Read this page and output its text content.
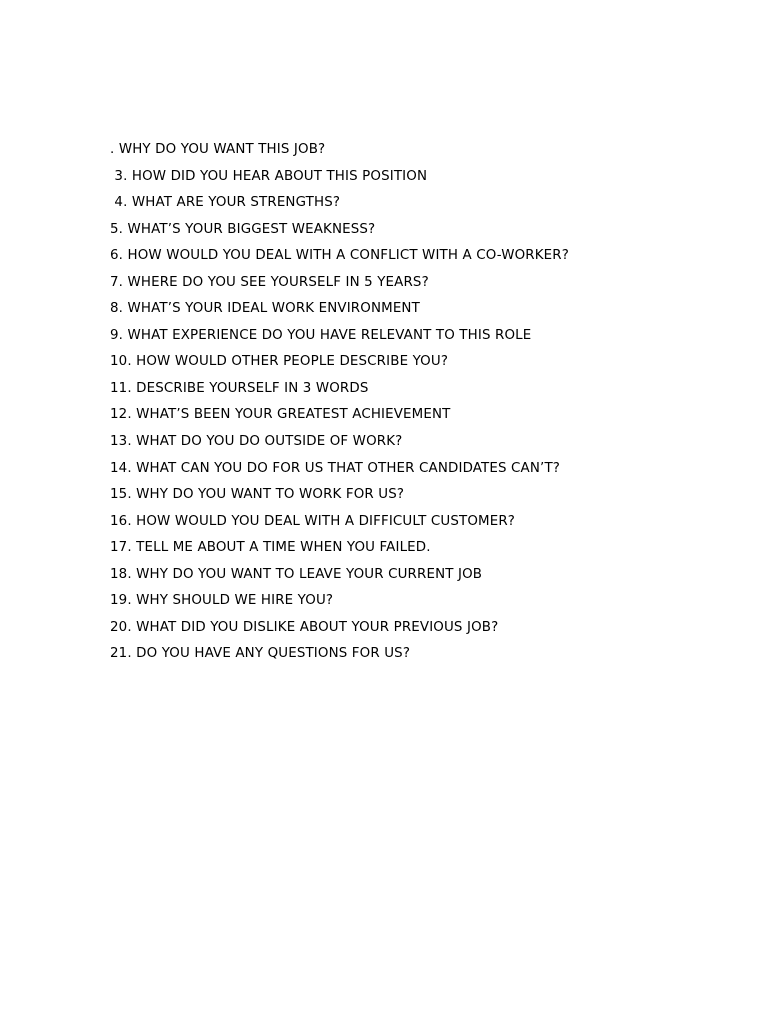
. WHY DO YOU WANT THIS JOB?
3. HOW DID YOU HEAR ABOUT THIS POSITION
4. WHAT ARE YOUR STRENGTHS?
5. WHAT’S YOUR BIGGEST WEAKNESS?
6. HOW WOULD YOU DEAL WITH A CONFLICT WITH A CO-WORKER?
7. WHERE DO YOU SEE YOURSELF IN 5 YEARS?
8. WHAT’S YOUR IDEAL WORK ENVIRONMENT
9. WHAT EXPERIENCE DO YOU HAVE RELEVANT TO THIS ROLE
10. HOW WOULD OTHER PEOPLE DESCRIBE YOU?
11. DESCRIBE YOURSELF IN 3 WORDS
12. WHAT’S BEEN YOUR GREATEST ACHIEVEMENT
13. WHAT DO YOU DO OUTSIDE OF WORK?
14. WHAT CAN YOU DO FOR US THAT OTHER CANDIDATES CAN’T?
15. WHY DO YOU WANT TO WORK FOR US?
16. HOW WOULD YOU DEAL WITH A DIFFICULT CUSTOMER?
17. TELL ME ABOUT A TIME WHEN YOU FAILED.
18. WHY DO YOU WANT TO LEAVE YOUR CURRENT JOB
19. WHY SHOULD WE HIRE YOU?
20. WHAT DID YOU DISLIKE ABOUT YOUR PREVIOUS JOB?
21. DO YOU HAVE ANY QUESTIONS FOR US?
